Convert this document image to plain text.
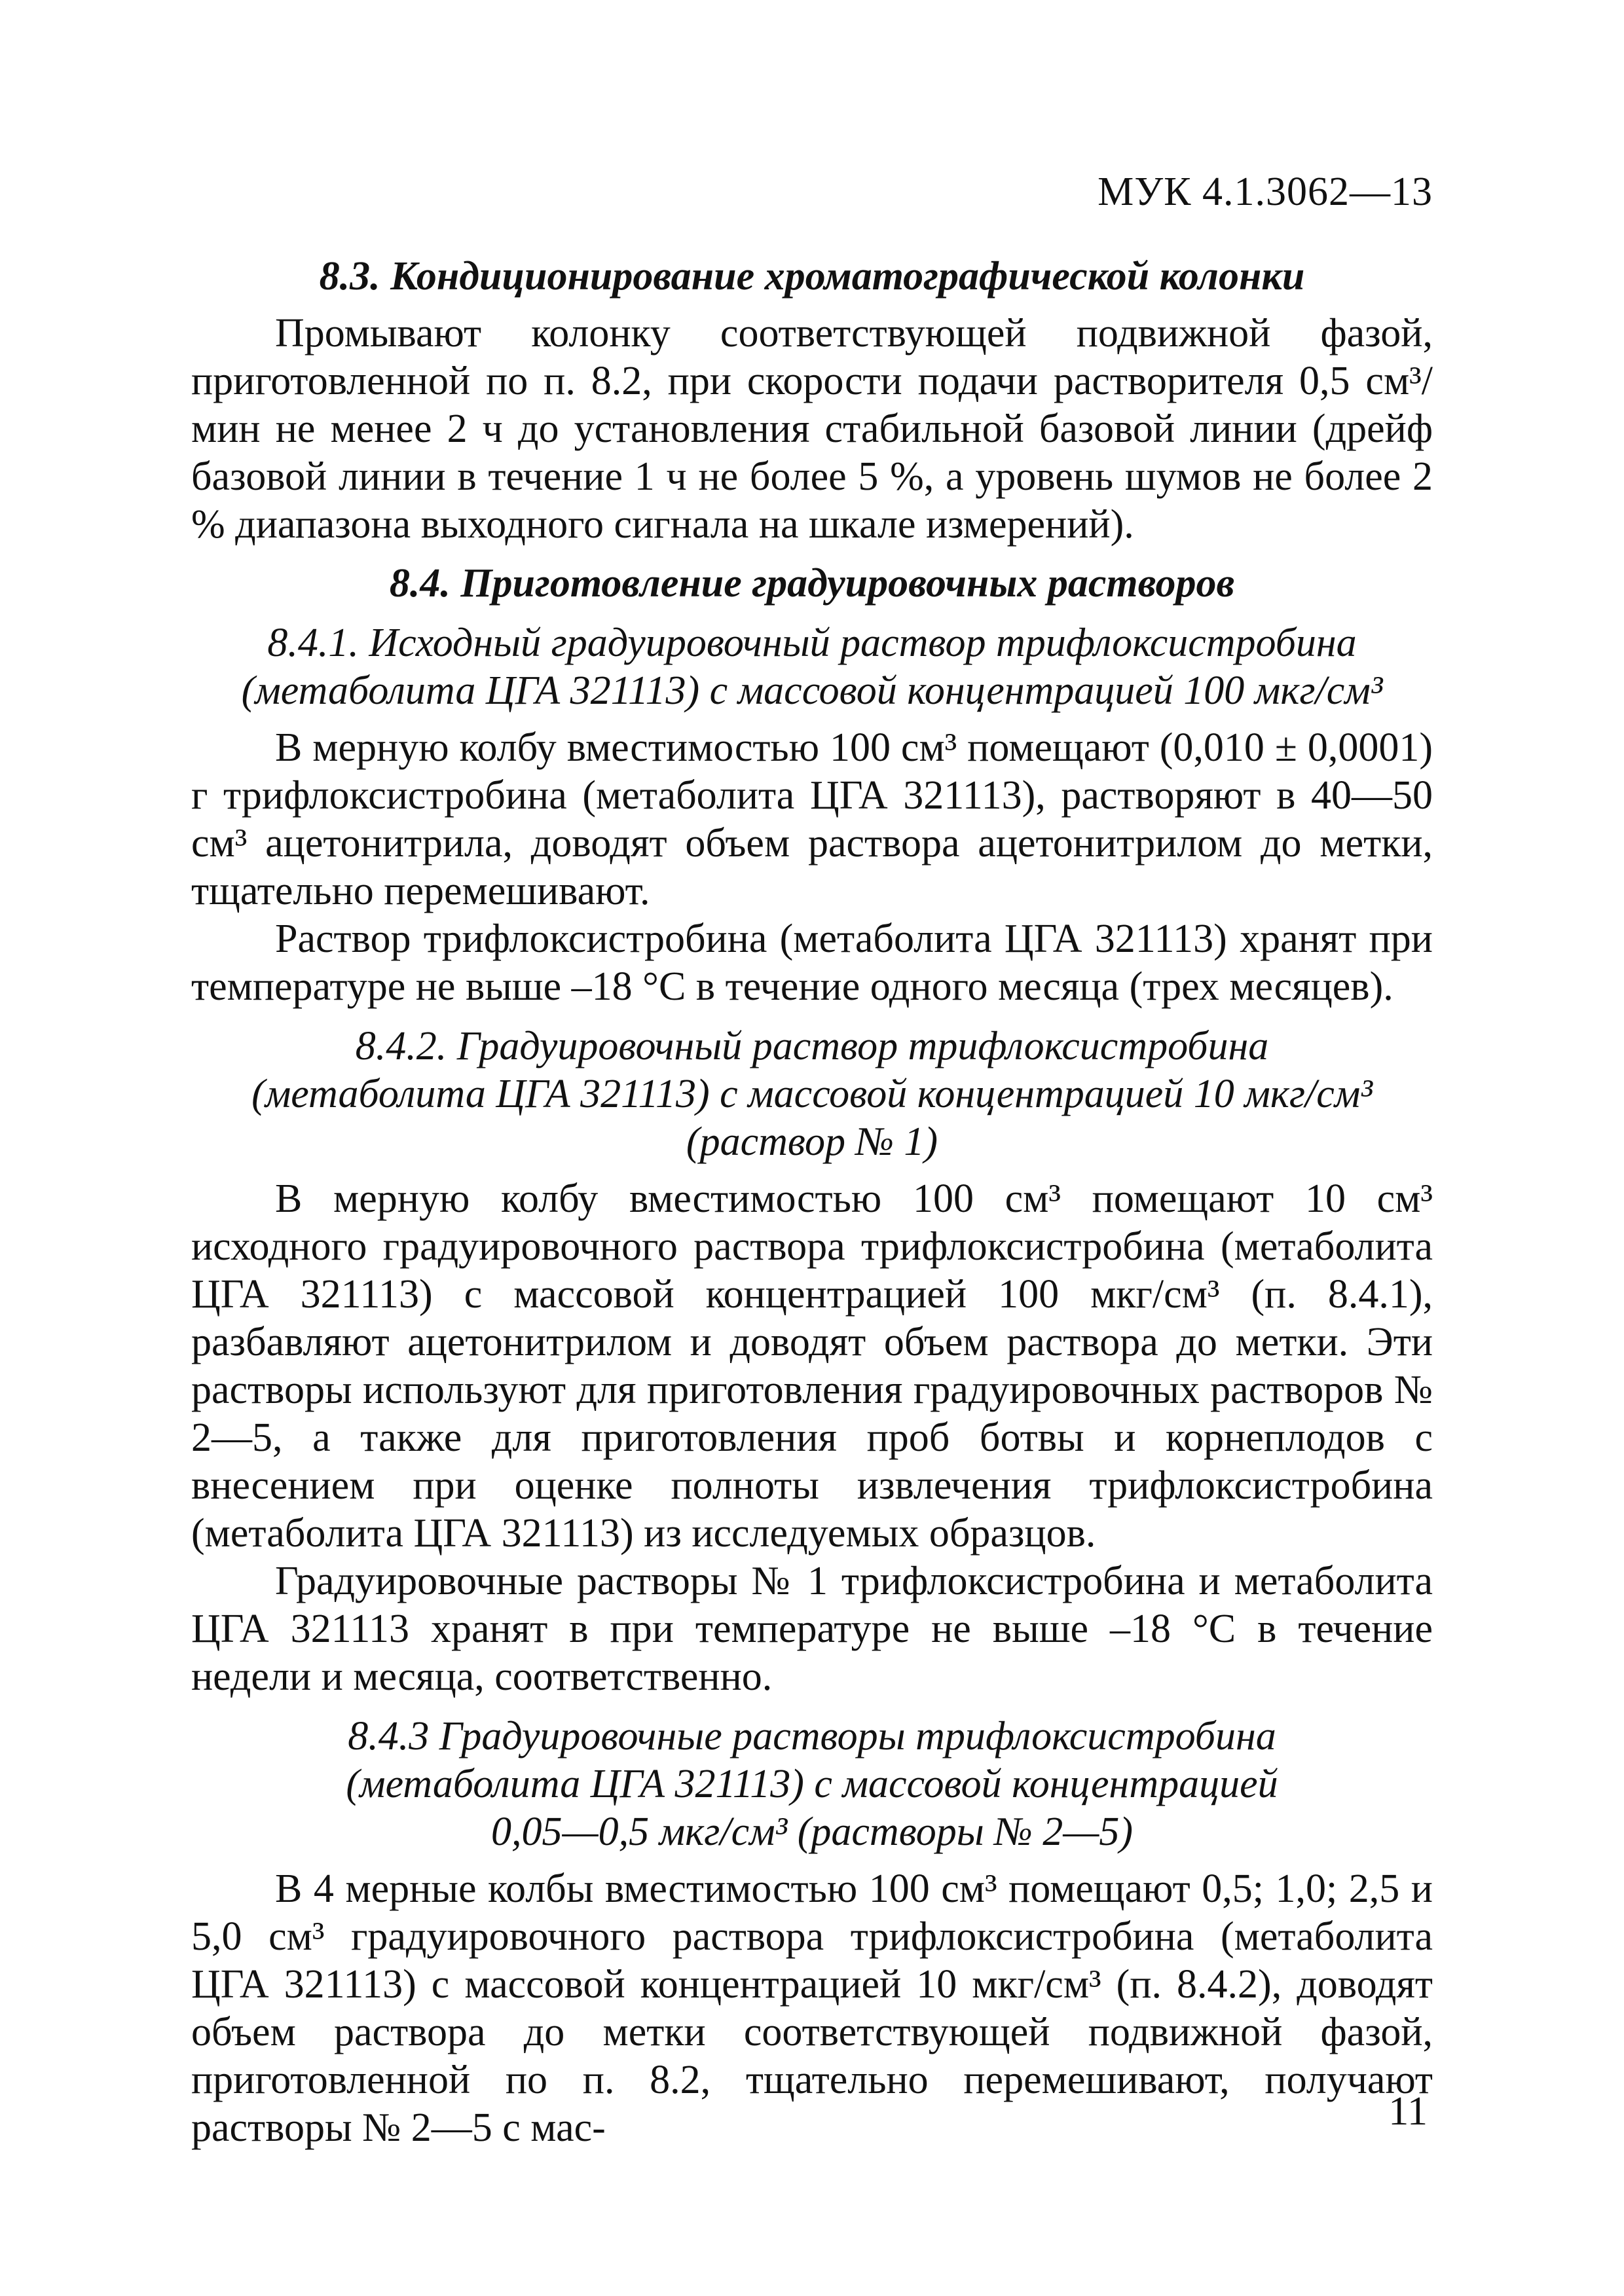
МУК 4.1.3062—13
8.3. Кондиционирование хроматографической колонки

Промывают колонку соответствующей подвижной фазой, приготовленной по п. 8.2, при скорости подачи растворителя 0,5 см³/мин не менее 2 ч до установления стабильной базовой линии (дрейф базовой линии в течение 1 ч не более 5 %, а уровень шумов не более 2 % диапазона выходного сигнала на шкале измерений).

8.4. Приготовление градуировочных растворов
8.4.1. Исходный градуировочный раствор трифлоксистробина
(метаболита ЦГА 321113) с массовой концентрацией 100 мкг/см³

В мерную колбу вместимостью 100 см³ помещают (0,010 ± 0,0001) г трифлоксистробина (метаболита ЦГА 321113), растворяют в 40—50 см³ ацетонитрила, доводят объем раствора ацетонитрилом до метки, тщательно перемешивают.

Раствор трифлоксистробина (метаболита ЦГА 321113) хранят при температуре не выше –18 °C в течение одного месяца (трех месяцев).

8.4.2. Градуировочный раствор трифлоксистробина
(метаболита ЦГА 321113) с массовой концентрацией 10 мкг/см³
(раствор № 1)

В мерную колбу вместимостью 100 см³ помещают 10 см³ исходного градуировочного раствора трифлоксистробина (метаболита ЦГА 321113) с массовой концентрацией 100 мкг/см³ (п. 8.4.1), разбавляют ацетонитрилом и доводят объем раствора до метки. Эти растворы используют для приготовления градуировочных растворов № 2—5, а также для приготовления проб ботвы и корнеплодов с внесением при оценке полноты извлечения трифлоксистробина (метаболита ЦГА 321113) из исследуемых образцов.

Градуировочные растворы № 1 трифлоксистробина и метаболита ЦГА 321113 хранят в при температуре не выше –18 °C в течение недели и месяца, соответственно.

8.4.3 Градуировочные растворы трифлоксистробина
(метаболита ЦГА 321113) с массовой концентрацией
0,05—0,5 мкг/см³ (растворы № 2—5)

В 4 мерные колбы вместимостью 100 см³ помещают 0,5; 1,0; 2,5 и 5,0 см³ градуировочного раствора трифлоксистробина (метаболита ЦГА 321113) с массовой концентрацией 10 мкг/см³ (п. 8.4.2), доводят объем раствора до метки соответствующей подвижной фазой, приготовленной по п. 8.2, тщательно перемешивают, получают растворы № 2—5 с мас-	11
